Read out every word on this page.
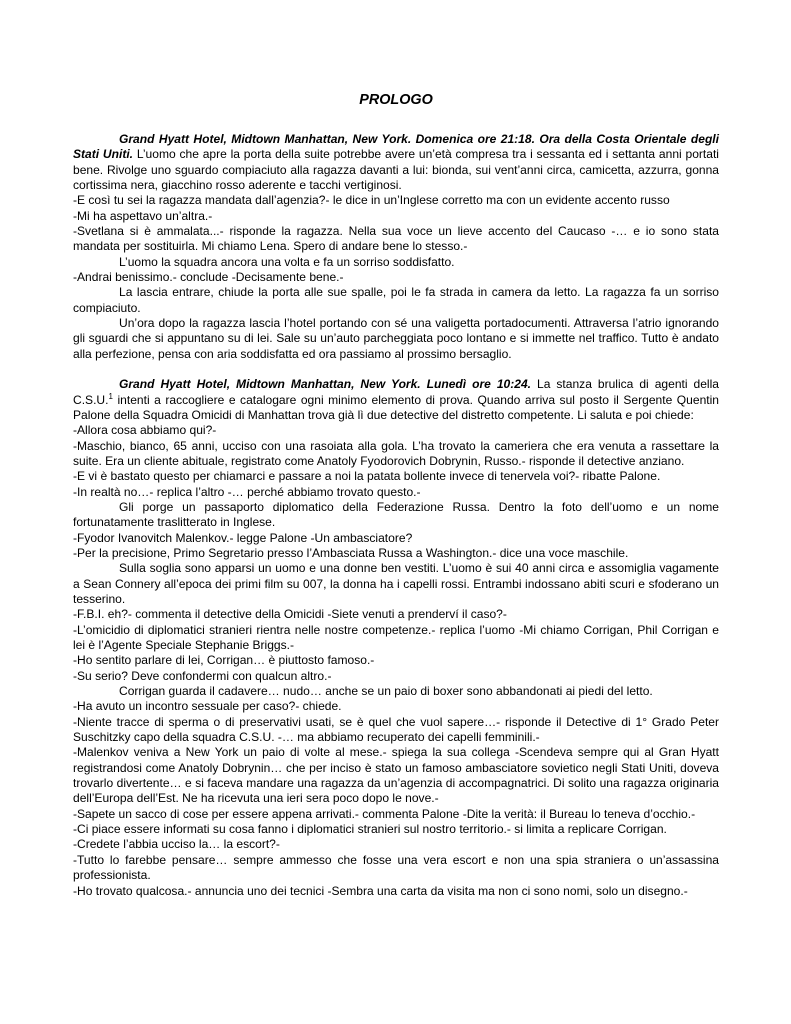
PROLOGO

Grand Hyatt Hotel, Midtown Manhattan, New York. Domenica ore 21:18. Ora della Costa Orientale degli Stati Uniti. L’uomo che apre la porta della suite potrebbe avere un’età compresa tra i sessanta ed i settanta anni portati bene. Rivolge uno sguardo compiaciuto alla ragazza davanti a lui: bionda, sui vent’anni circa, camicetta, azzurra, gonna cortissima nera, giacchino rosso aderente e tacchi vertiginosi.

-E così tu sei la ragazza mandata dall’agenzia?- le dice in un’Inglese corretto ma con un evidente accento russo

-Mi ha aspettavo un’altra.-

-Svetlana si è ammalata...- risponde la ragazza. Nella sua voce un lieve accento del Caucaso -… e io sono stata mandata per sostituirla. Mi chiamo Lena. Spero di andare bene lo stesso.-

L’uomo la squadra ancora una volta e fa un sorriso soddisfatto.

-Andrai benissimo.- conclude -Decisamente bene.-

La lascia entrare, chiude la porta alle sue spalle, poi le fa strada in camera da letto. La ragazza fa un sorriso compiaciuto.

Un’ora dopo la ragazza lascia l’hotel portando con sé una valigetta portadocumenti. Attraversa l’atrio ignorando gli sguardi che si appuntano su di lei. Sale su un’auto parcheggiata poco lontano e si immette nel traffico. Tutto è andato alla perfezione, pensa con aria soddisfatta ed ora passiamo al prossimo bersaglio.

Grand Hyatt Hotel, Midtown Manhattan, New York. Lunedì ore 10:24. La stanza brulica di agenti della C.S.U.$^1$ intenti a raccogliere e catalogare ogni minimo elemento di prova. Quando arriva sul posto il Sergente Quentin Palone della Squadra Omicidi di Manhattan trova già lì due detective del distretto competente. Li saluta e poi chiede:

-Allora cosa abbiamo qui?-

-Maschio, bianco, 65 anni, ucciso con una rasoiata alla gola. L’ha trovato la cameriera che era venuta a rassettare la suite. Era un cliente abituale, registrato come Anatoly Fyodorovich Dobrynin, Russo.- risponde il detective anziano.

-E vi è bastato questo per chiamarci e passare a noi la patata bollente invece di tenervela voi?- ribatte Palone.

-In realtà no…- replica l’altro -… perché abbiamo trovato questo.-

Gli porge un passaporto diplomatico della Federazione Russa. Dentro la foto dell’uomo e un nome fortunatamente traslitterato in Inglese.

-Fyodor Ivanovitch Malenkov.- legge Palone -Un ambasciatore?

-Per la precisione, Primo Segretario presso l’Ambasciata Russa a Washington.- dice una voce maschile.

Sulla soglia sono apparsi un uomo e una donne ben vestiti. L’uomo è sui 40 anni circa e assomiglia vagamente a Sean Connery all’epoca dei primi film su 007, la donna ha i capelli rossi. Entrambi indossano abiti scuri e sfoderano un tesserino.

-F.B.I. eh?- commenta il detective della Omicidi -Siete venuti a prenderví il caso?-

-L’omicidio di diplomatici stranieri rientra nelle nostre competenze.- replica l’uomo -Mi chiamo Corrigan, Phil Corrigan e lei è l’Agente Speciale Stephanie Briggs.-

-Ho sentito parlare di lei, Corrigan… è piuttosto famoso.-

-Su serio? Deve confondermi con qualcun altro.-

Corrigan guarda il cadavere… nudo… anche se un paio di boxer sono abbandonati ai piedi del letto.

-Ha avuto un incontro sessuale per caso?- chiede.

-Niente tracce di sperma o di preservativi usati, se è quel che vuol sapere…- risponde il Detective di 1° Grado Peter Suschitzky capo della squadra C.S.U. -… ma abbiamo recuperato dei capelli femminili.-

-Malenkov veniva a New York un paio di volte al mese.- spiega la sua collega -Scendeva sempre qui al Gran Hyatt registrandosi come Anatoly Dobrynin… che per inciso è stato un famoso ambasciatore sovietico negli Stati Uniti, doveva trovarlo divertente… e si faceva mandare una ragazza da un’agenzia di accompagnatrici. Di solito una ragazza originaria dell’Europa dell’Est. Ne ha ricevuta una ieri sera poco dopo le nove.-

-Sapete un sacco di cose per essere appena arrivati.- commenta Palone -Dite la verità: il Bureau lo teneva d’occhio.-

-Ci piace essere informati su cosa fanno i diplomatici stranieri sul nostro territorio.- si limita a replicare Corrigan.

-Credete l’abbia ucciso la… la escort?-

-Tutto lo farebbe pensare… sempre ammesso che fosse una vera escort e non una spia straniera o un’assassina professionista.

-Ho trovato qualcosa.- annuncia uno dei tecnici -Sembra una carta da visita ma non ci sono nomi, solo un disegno.-
